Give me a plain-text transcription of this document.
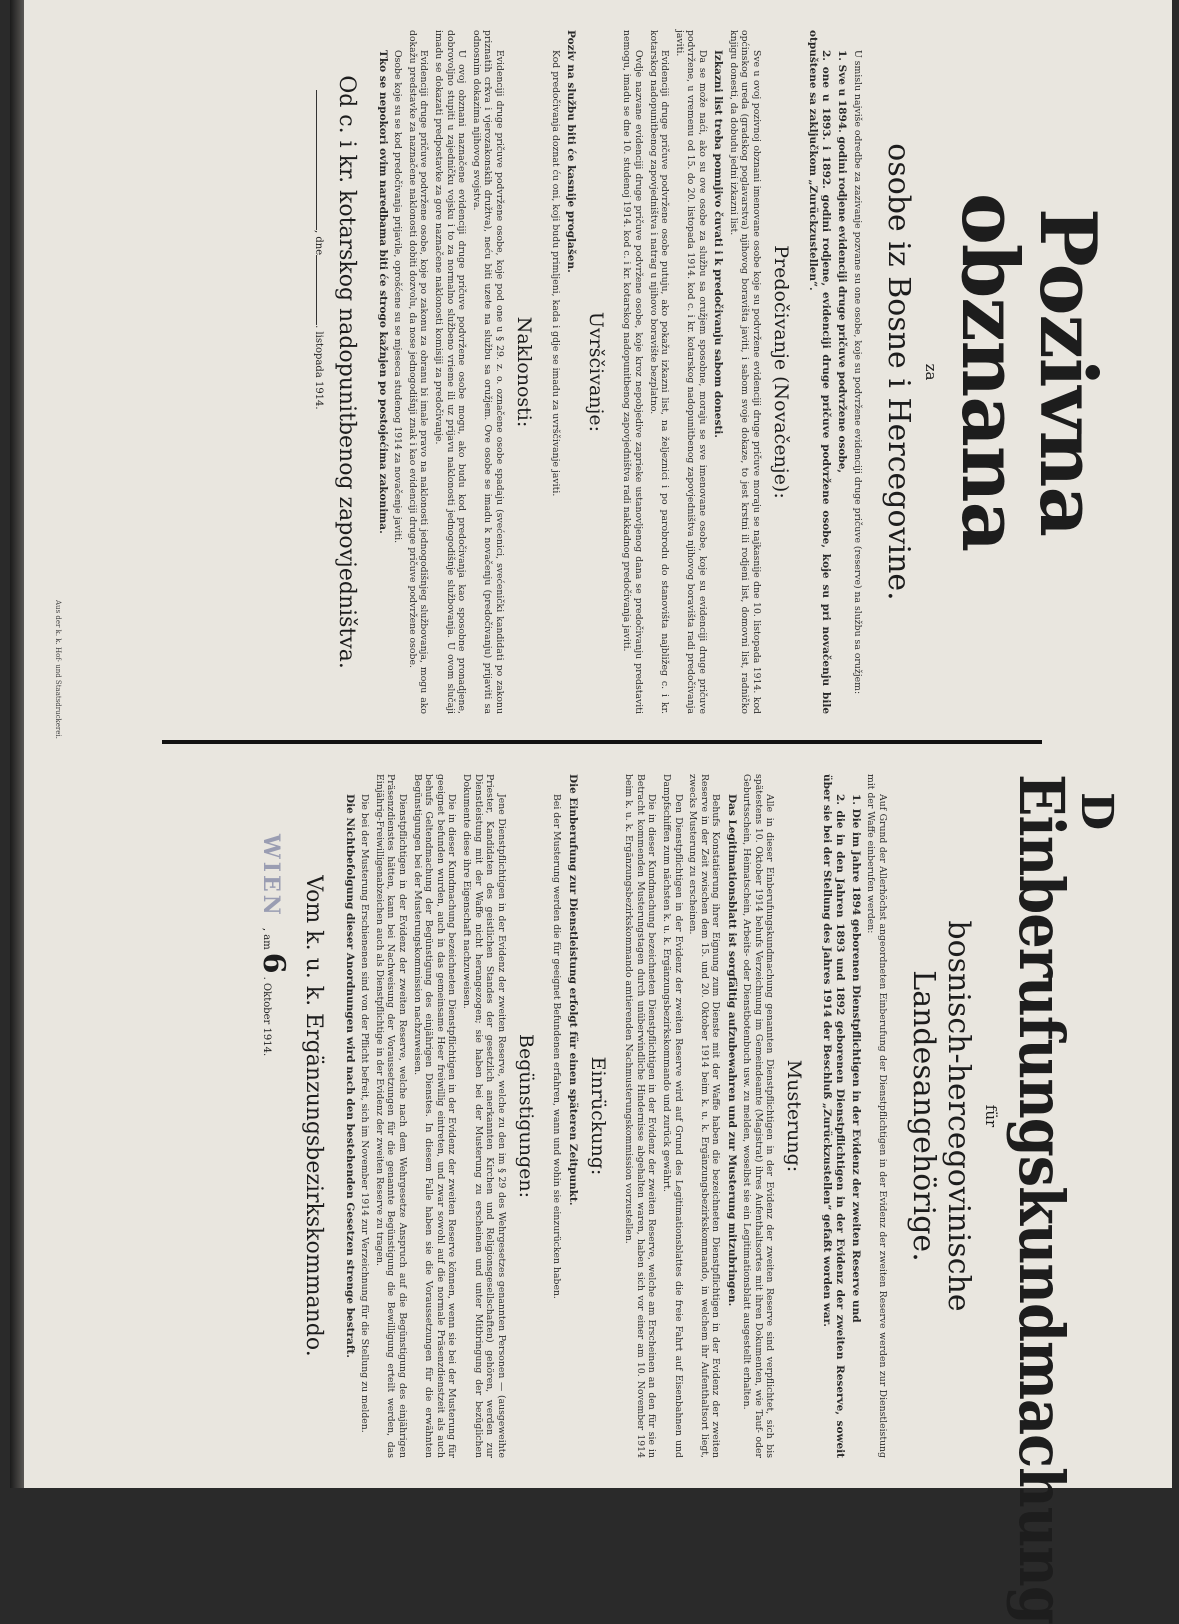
D
Einberufungskundmachung
für
bosnisch-hercegovinische Landesangehörige.

Auf Grund der Allerhöchst angeordneten Einberufung der Dienstpflichtigen in der Evidenz der zweiten Reserve werden zur Dienstleistung mit der Waffe einberufen werden:

1. Die im Jahre 1894 geborenen Dienstpflichtigen in der Evidenz der zweiten Reserve und

2. die in den Jahren 1893 und 1892 geborenen Dienstpflichtigen in der Evidenz der zweiten Reserve, soweit über sie bei der Stellung des Jahres 1914 der Beschluß „Zurückzustellen“ gefaßt worden war.

Musterung:

Alle in dieser Einberufungskundmachung genannten Dienstpflichtigen in der Evidenz der zweiten Reserve sind verpflichtet, sich bis spätestens 10. Oktober 1914 behufs Verzeichnung im Gemeindeamte (Magistrat) ihres Aufenthaltsortes mit ihren Dokumenten, wie Tauf- oder Geburtsschein, Heimatschein, Arbeits- oder Dienstbotenbuch usw. zu melden, woselbst sie ein Legitimationsblatt ausgestellt erhalten.

Das Legitimationsblatt ist sorgfältig aufzubewahren und zur Musterung mitzubringen.

Behufs Konstatierung ihrer Eignung zum Dienste mit der Waffe haben die bezeichneten Dienstpflichtigen in der Evidenz der zweiten Reserve in der Zeit zwischen dem 15. und 20. Oktober 1914 beim k. u. k. Ergänzungsbezirkskommando, in welchem ihr Aufenthaltsort liegt, zwecks Musterung zu erscheinen.

Den Dienstpflichtigen in der Evidenz der zweiten Reserve wird auf Grund des Legitimationsblattes die freie Fahrt auf Eisenbahnen und Dampfschiffen zum nächsten k. u. k. Ergänzungsbezirkskommando und zurück gewährt.

Die in dieser Kundmachung bezeichneten Dienstpflichtigen in der Evidenz der zweiten Reserve, welche am Erscheinen an den für sie in Betracht kommenden Musterungstagen durch unüberwindliche Hindernisse abgehalten waren, haben sich vor einer am 10. November 1914 beim k. u. k. Ergänzungsbezirkskommando amtierenden Nachmusterungskommission vorzustellen.

Einrückung:

Die Einberufung zur Dienstleistung erfolgt für einen späteren Zeitpunkt.

Bei der Musterung werden die für geeignet Befundenen erfahren, wann und wohin sie einzurücken haben.

Begünstigungen:

Jene Dienstpflichtigen in der Evidenz der zweiten Reserve, welche zu den im § 29 des Wehrgesetzes genannten Personen — (ausgeweihte Priester, Kandidaten des geistlichen Standes der gesetzlich anerkannten Kirchen und Religionsgesellschaften) gehören, werden zur Dienstleistung mit der Waffe nicht herangezogen; sie haben bei der Musterung zu erscheinen und unter Mitbringung der bezüglichen Dokumente diese ihre Eigenschaft nachzuweisen.

Die in dieser Kundmachung bezeichneten Dienstpflichtigen in der Evidenz der zweiten Reserve können, wenn sie bei der Musterung für geeignet befunden wurden, auch in das gemeinsame Heer freiwillig eintreten, und zwar sowohl auf die normale Präsenzdienstzeit als auch behufs Geltendmachung der Begünstigung des einjährigen Dienstes. In diesem Falle haben sie die Voraussetzungen für die erwähnten Begünstigungen bei der Musterungskommission nachzuweisen.

Dienstpflichtigen in der Evidenz der zweiten Reserve, welche nach dem Wehrgesetze Anspruch auf die Begünstigung des einjährigen Präsenzdienstes hätten, kann bei Nachweisung der Voraussetzungen für die genannte Begünstigung die Bewilligung erteilt werden, das Einjährig-Freiwilligenabzeichen auch als Dienstpflichtige in der Evidenz der zweiten Reserve zu tragen.

Die bei der Musterung Erschienenen sind von der Pflicht befreit, sich im November 1914 zur Verzeichnung für die Stellung zu melden.

Die Nichtbefolgung dieser Anordnungen wird nach den bestehenden Gesetzen strenge bestraft.

Vom k. u. k. Ergänzungsbezirkskommando.
WIEN, am6. Oktober 1914.
Pozivna obznana
za
osobe iz Bosne i Hercegovine.

U smislu najviše odredbe za zazivanje pozvane su one osobe, koje su podvržene evidenciji druge pričuve (reserve) na službu sa oružjem:

1. Sve u 1894. godini rodjene evidenciji druge pričuve podvržene osobe,

2. one u 1893. i 1892. godini rodjene, evidenciji druge pričuve podvržene osobe, koje su pri novačenju bile otpuštene sa zaključkom „Zurückzustellen“.

Predočivanje (Novačenje):

Sve u ovoj pozivnoj obznani imenovane osobe koje su podvržene evidenciji druge pričuve moraju se najkasnije dne 10. listopada 1914. kod općinskog ureda (gradskog poglavarstva) njihovog boravišta javiti, i sabom svoje dokaze, to jest krstni ili rodjeni list, domovni list, radničko knjigu donesti, da dobudu jedni izkazni list.

Izkazni list treba pomnjivo čuvati i k predočivanju sabom donesti.

Da se može naći, ako su ove osobe za službu sa oružjem sposobne, moraju se sve imenovane osobe, koje su evidenciji druge pričuve podvržene, u vremenu od 15. do 20. listopada 1914. kod c. i kr. kotarskog nadopunitbenog zapovjedništva njihovog boravišta radi predočivanja javiti.

Evidenciji druge pričuve podvržene osobe putuju, ako pokažu izkazni list, na željeznici i po parobrodu do stanovišta najbližeg c. i kr. kotarskog nadopunitbenog zapovjedništva i natrag u njihovo boravište bezplatno.

Ovdje nazvane evidenciji druge pričuve podvržene osobe, koje kroz nepobjedive zaprieke ustanovljenog dana se predočivanju predstaviti nemogu, imadu se dne 10. studenoj 1914. kod c. i kr. kotarskog nadopunitbenog zapovjedništva radi nakkadnog predočivanja javiti.

Uvrščivanje:

Poziv na službu biti će kasnije proglašen.

Kod predočivanja doznat ću oni, koji budu primljeni, kada i gdje se imadu za uvrščivanje javiti.

Naklonosti:

Evidenciji druge pričuve podvržene osobe, koje pod one u § 29. z. o. označene osobe spadaju (svećenici, svećenički kandidati po zakonu priznatih crkva i vjerozakonskih družtva), neću biti uzete na službu sa oružjem. Ove osobe se imadu k novačenju (predočivanju) prijaviti sa odnosnim dokazima njihovog svojstva.

U ovoj obznani naznačene evidenciji druge pričuve podvržene osobe mogu, ako budu kod predočivanja kao sposobne pronadjene, dobrovoljno stupiti u zajedničku vojsku i to za normalno službeno vrieme ili uz prijavu naklonosti jednogodišnje službovanja. U ovom slučaji imadu se dokazati predpostavke za gore naznačene naklonosti komisiji za predočivanje.

Evidenciji druge pričuve podvržene osobe, koje po zakonu za obranu bi imale pravo na naklonosti jednogodišnjeg službovanja, mogu ako dokažu predstavke za naznačene naklonosti dobiti dozvolu, da nose jednogodišnji znak i kao evidenciji druge pričuve podvržene osobe.

Osobe koje su se kod predočivanja prijavile, oprošćene su se mjeseca studenog 1914 za novačenje javiti.

Tko se nepokori ovim naredbama biti će strogo kažnjen po postojećima zakonima.

Od c. i kr. kotarskog nadopunitbenog zapovjedništva.
, dne. listopada 1914.
Aus der k. k. Hof- und Staatsdruckerei.
